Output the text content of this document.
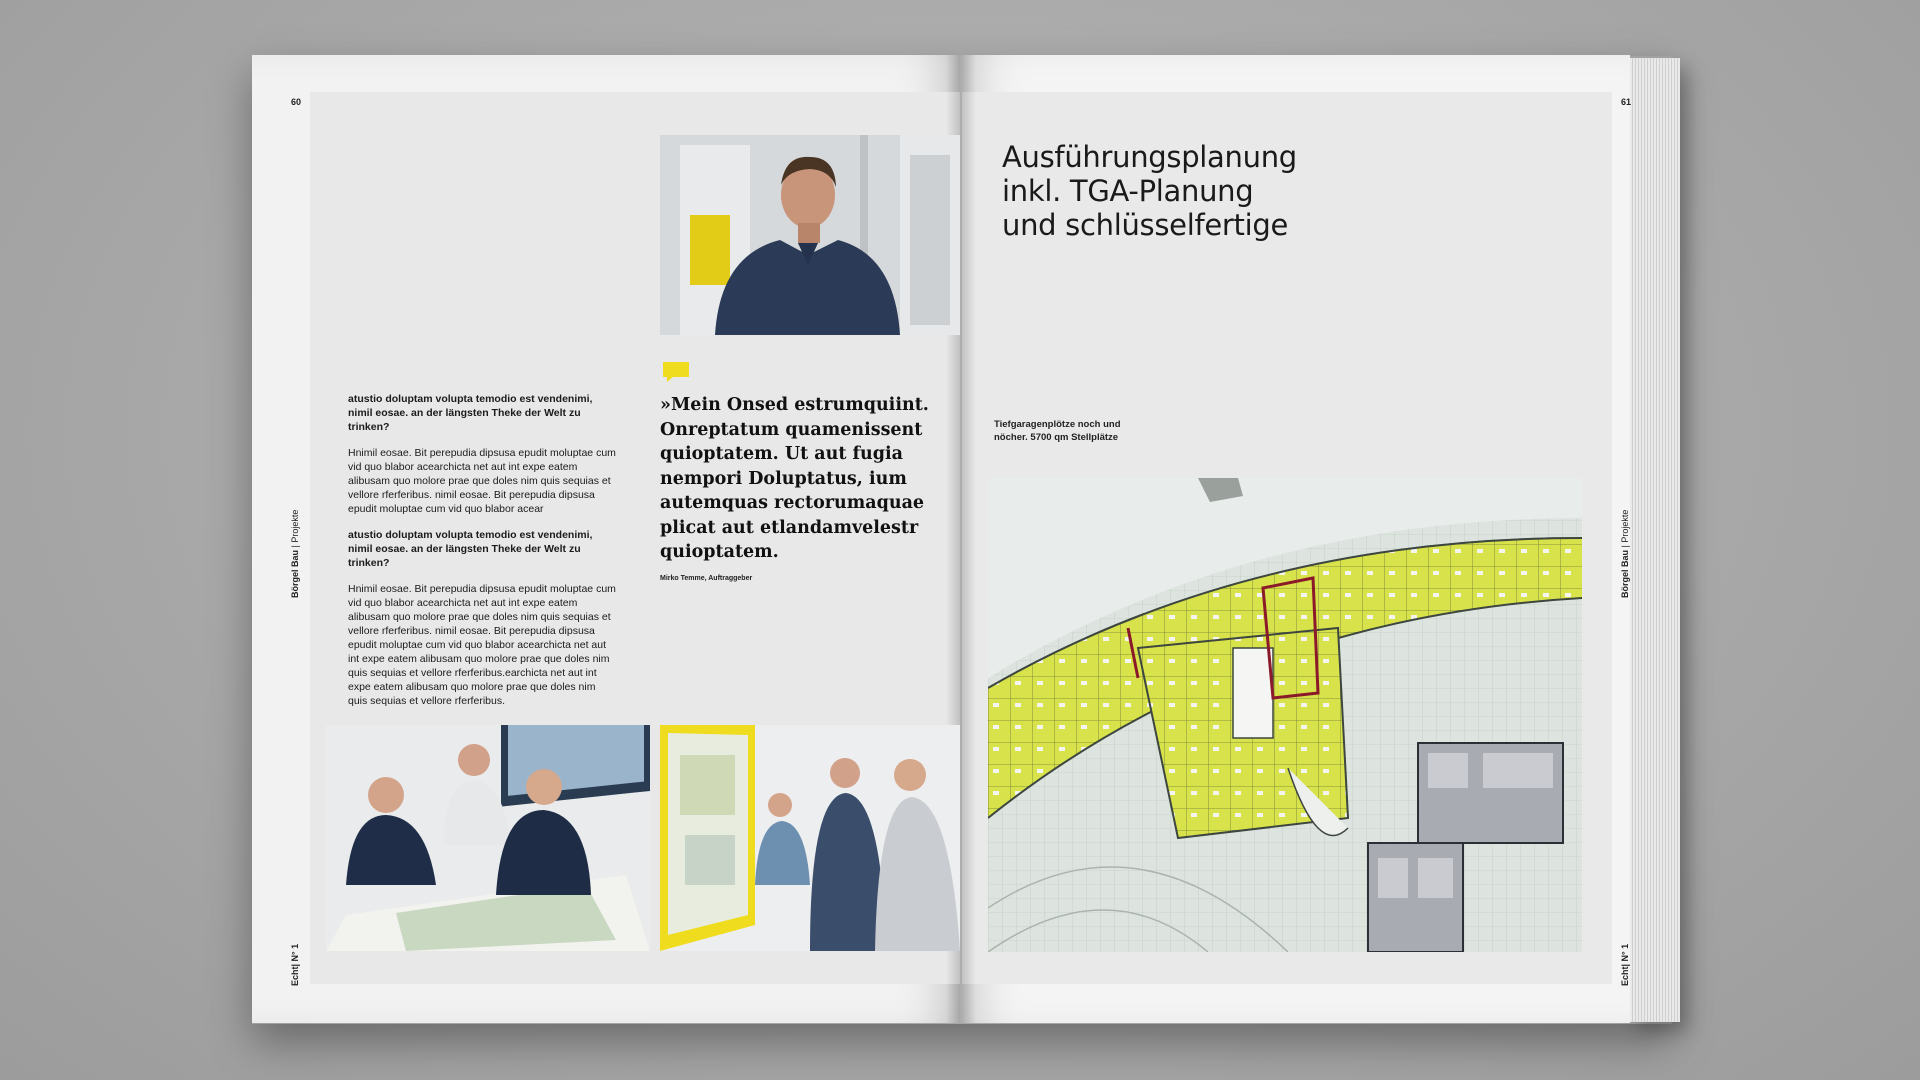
60	61
Börgel Bau | Projekte
Börgel Bau | Projekte
Echt| N° 1	Echt| N° 1

atustio doluptam volupta temodio est vendenimi, nimil eosae. an der längsten Theke der Welt zu trinken?

Hnimil eosae. Bit perepudia dipsusa epudit moluptae cum vid quo blabor acearchicta net aut int expe eatem alibusam quo molore prae que doles nim quis sequias et vellore rferferibus. nimil eosae. Bit perepudia dipsusa epudit moluptae cum vid quo blabor acear

atustio doluptam volupta temodio est vendenimi, nimil eosae. an der längsten Theke der Welt zu trinken?

Hnimil eosae. Bit perepudia dipsusa epudit moluptae cum vid quo blabor acearchicta net aut int expe eatem alibusam quo molore prae que doles nim quis sequias et vellore rferferibus. nimil eosae. Bit perepudia dipsusa epudit moluptae cum vid quo blabor acearchicta net aut int expe eatem alibusam quo molore prae que doles nim quis sequias et vellore rferferibus.earchicta net aut int expe eatem alibusam quo molore prae que doles nim quis sequias et vellore rferferibus.

»Mein Onsed estrumquiint. Onreptatum quamenissent quioptatem. Ut aut fugia nempori Doluptatus, ium autemquas rectorumaquae plicat aut etlandamvelestr quioptatem.
Mirko Temme, Auftraggeber
Ausführungsplanung
inkl. TGA-Planung
und schlüsselfertige
Tiefgaragenplötze noch und nöcher. 5700 qm Stellplätze
